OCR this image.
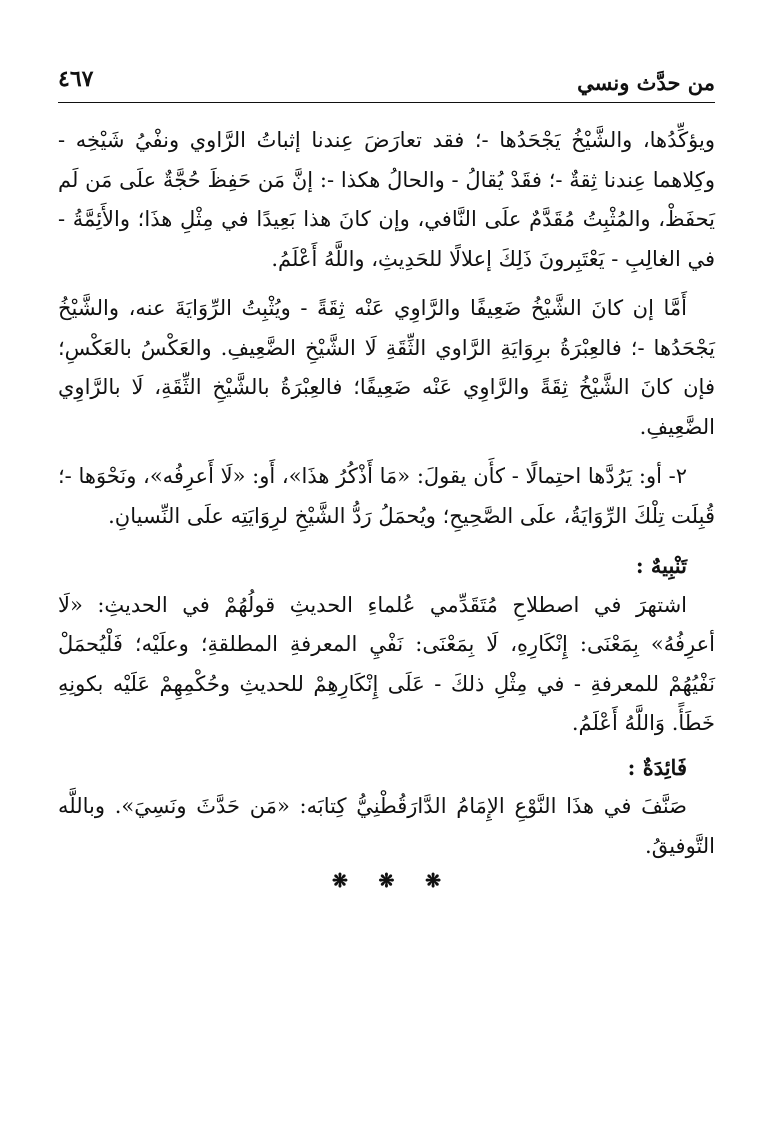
من حدَّث ونسي
٤٦٧

ويؤكِّدُها، والشَّيْخُ يَجْحَدُها -؛ فقد تعارَضَ عِندنا إثباتُ الرَّاوي ونفْيُ شَيْخِه - وكِلاهما عِندنا ثِقةٌ -؛ فقَدْ يُقالُ - والحالُ هكذا -: إنَّ مَن حَفِظَ حُجَّةٌ علَى مَن لَم يَحفَظْ، والمُثْبِتُ مُقَدَّمٌ علَى النَّافي، وإن كانَ هذا بَعِيدًا في مِثْلِ هذَا؛ والأَئِمَّةُ - في الغالِبِ - يَعْتَبِرونَ ذَلِكَ إعلالًا للحَدِيثِ، واللَّهُ أَعْلَمُ.

أَمَّا إن كانَ الشَّيْخُ ضَعِيفًا والرَّاوِي عَنْه ثِقَةً - ويُثْبِتُ الرِّوَايَةَ عنه، والشَّيْخُ يَجْحَدُها -؛ فالعِبْرَةُ برِوَايَةِ الرَّاوي الثِّقَةِ لَا الشَّيْخِ الضَّعِيفِ. والعَكْسُ بالعَكْسِ؛ فإن كانَ الشَّيْخُ ثِقَةً والرَّاوِي عَنْه ضَعِيفًا؛ فالعِبْرَةُ بالشَّيْخِ الثِّقَةِ، لَا بالرَّاوِي الضَّعِيفِ.

٢- أو: يَرُدَّها احتِمالًا - كأَن يقولَ: «مَا أَذْكُرُ هذَا»، أَو: «لَا أَعرِفُه»، ونَحْوَها -؛ قُبِلَت تِلْكَ الرِّوَايَةُ، علَى الصَّحِيحِ؛ ويُحمَلُ رَدُّ الشَّيْخِ لرِوَايَتِه علَى النِّسيانِ.

تَنْبِيهٌ :

اشتهرَ في اصطلاحِ مُتَقَدِّمي عُلماءِ الحديثِ قولُهُمْ في الحديثِ: «لَا أعرِفُهُ» بِمَعْنَى: إِنْكَارِهِ، لَا بِمَعْنَى: نَفْيِ المعرفةِ المطلقةِ؛ وعلَيْه؛ فَلْيُحمَلْ نَفْيُهُمْ للمعرفةِ - في مِثْلِ ذلكَ - عَلَى إِنْكَارِهِمْ للحديثِ وحُكْمِهِمْ عَلَيْه بكونِهِ خَطَأً. وَاللَّهُ أَعْلَمُ.

فَائِدَةٌ :

صَنَّفَ في هذَا النَّوْعِ الإِمَامُ الدَّارَقُطْنِيُّ كِتابَه: «مَن حَدَّثَ ونَسِيَ». وباللَّه التَّوفيقُ.

❋ ❋ ❋
